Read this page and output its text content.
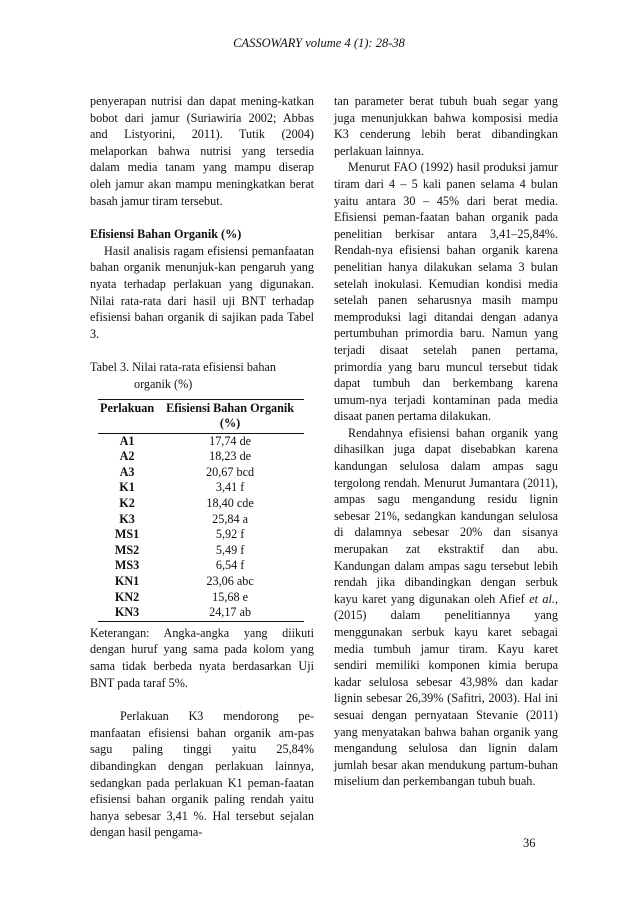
CASSOWARY volume 4 (1): 28-38

penyerapan nutrisi dan dapat mening-katkan bobot dari jamur (Suriawiria 2002; Abbas and Listyorini, 2011). Tutik (2004) melaporkan bahwa nutrisi yang tersedia dalam media tanam yang mampu diserap oleh jamur akan mampu meningkatkan berat basah jamur tiram tersebut.

Efisiensi Bahan Organik (%)

Hasil analisis ragam efisiensi pemanfaatan bahan organik menunjuk-kan pengaruh yang nyata terhadap perlakuan yang digunakan. Nilai rata-rata dari hasil uji BNT terhadap efisiensi bahan organik di sajikan pada Tabel 3.

Tabel 3. Nilai rata-rata efisiensi bahan
organik (%)

Perlakuan	Efisiensi Bahan Organik (%)
A1	17,74 de
A2	18,23 de
A3	20,67 bcd
K1	3,41 f
K2	18,40 cde
K3	25,84 a
MS1	5,92 f
MS2	5,49 f
MS3	6,54 f
KN1	23,06 abc
KN2	15,68 e
KN3	24,17 ab

Keterangan: Angka-angka yang diikuti dengan huruf yang sama pada kolom yang sama tidak berbeda nyata berdasarkan Uji BNT pada taraf 5%.

Perlakuan K3 mendorong pe-manfaatan efisiensi bahan organik am-pas sagu paling tinggi yaitu 25,84% dibandingkan dengan perlakuan lainnya, sedangkan pada perlakuan K1 peman-faatan efisiensi bahan organik paling rendah yaitu hanya sebesar 3,41 %. Hal tersebut sejalan dengan hasil pengama-

tan parameter berat tubuh buah segar yang juga menunjukkan bahwa komposisi media K3 cenderung lebih berat dibandingkan perlakuan lainnya.

Menurut FAO (1992) hasil produksi jamur tiram dari 4 – 5 kali panen selama 4 bulan yaitu antara 30 – 45% dari berat media. Efisiensi peman-faatan bahan organik pada penelitian berkisar antara 3,41–25,84%. Rendah-nya efisiensi bahan organik karena penelitian hanya dilakukan selama 3 bulan setelah inokulasi. Kemudian kondisi media setelah panen seharusnya masih mampu memproduksi lagi ditandai dengan adanya pertumbuhan primordia baru. Namun yang terjadi disaat setelah panen pertama, primordia yang baru muncul tersebut tidak dapat tumbuh dan berkembang karena umum-nya terjadi kontaminan pada media disaat panen pertama dilakukan.

Rendahnya efisiensi bahan organik yang dihasilkan juga dapat disebabkan karena kandungan selulosa dalam ampas sagu tergolong rendah. Menurut Jumantara (2011), ampas sagu mengandung residu lignin sebesar 21%, sedangkan kandungan selulosa di dalamnya sebesar 20% dan sisanya merupakan zat ekstraktif dan abu. Kandungan dalam ampas sagu tersebut lebih rendah jika dibandingkan dengan serbuk kayu karet yang digunakan oleh Afief et al., (2015) dalam penelitiannya yang menggunakan serbuk kayu karet sebagai media tumbuh jamur tiram. Kayu karet sendiri memiliki komponen kimia berupa kadar selulosa sebesar 43,98% dan kadar lignin sebesar 26,39% (Safitri, 2003). Hal ini sesuai dengan pernyataan Stevanie (2011) yang menyatakan bahwa bahan organik yang mengandung selulosa dan lignin dalam jumlah besar akan mendukung partum-buhan miselium dan perkembangan tubuh buah.

36
